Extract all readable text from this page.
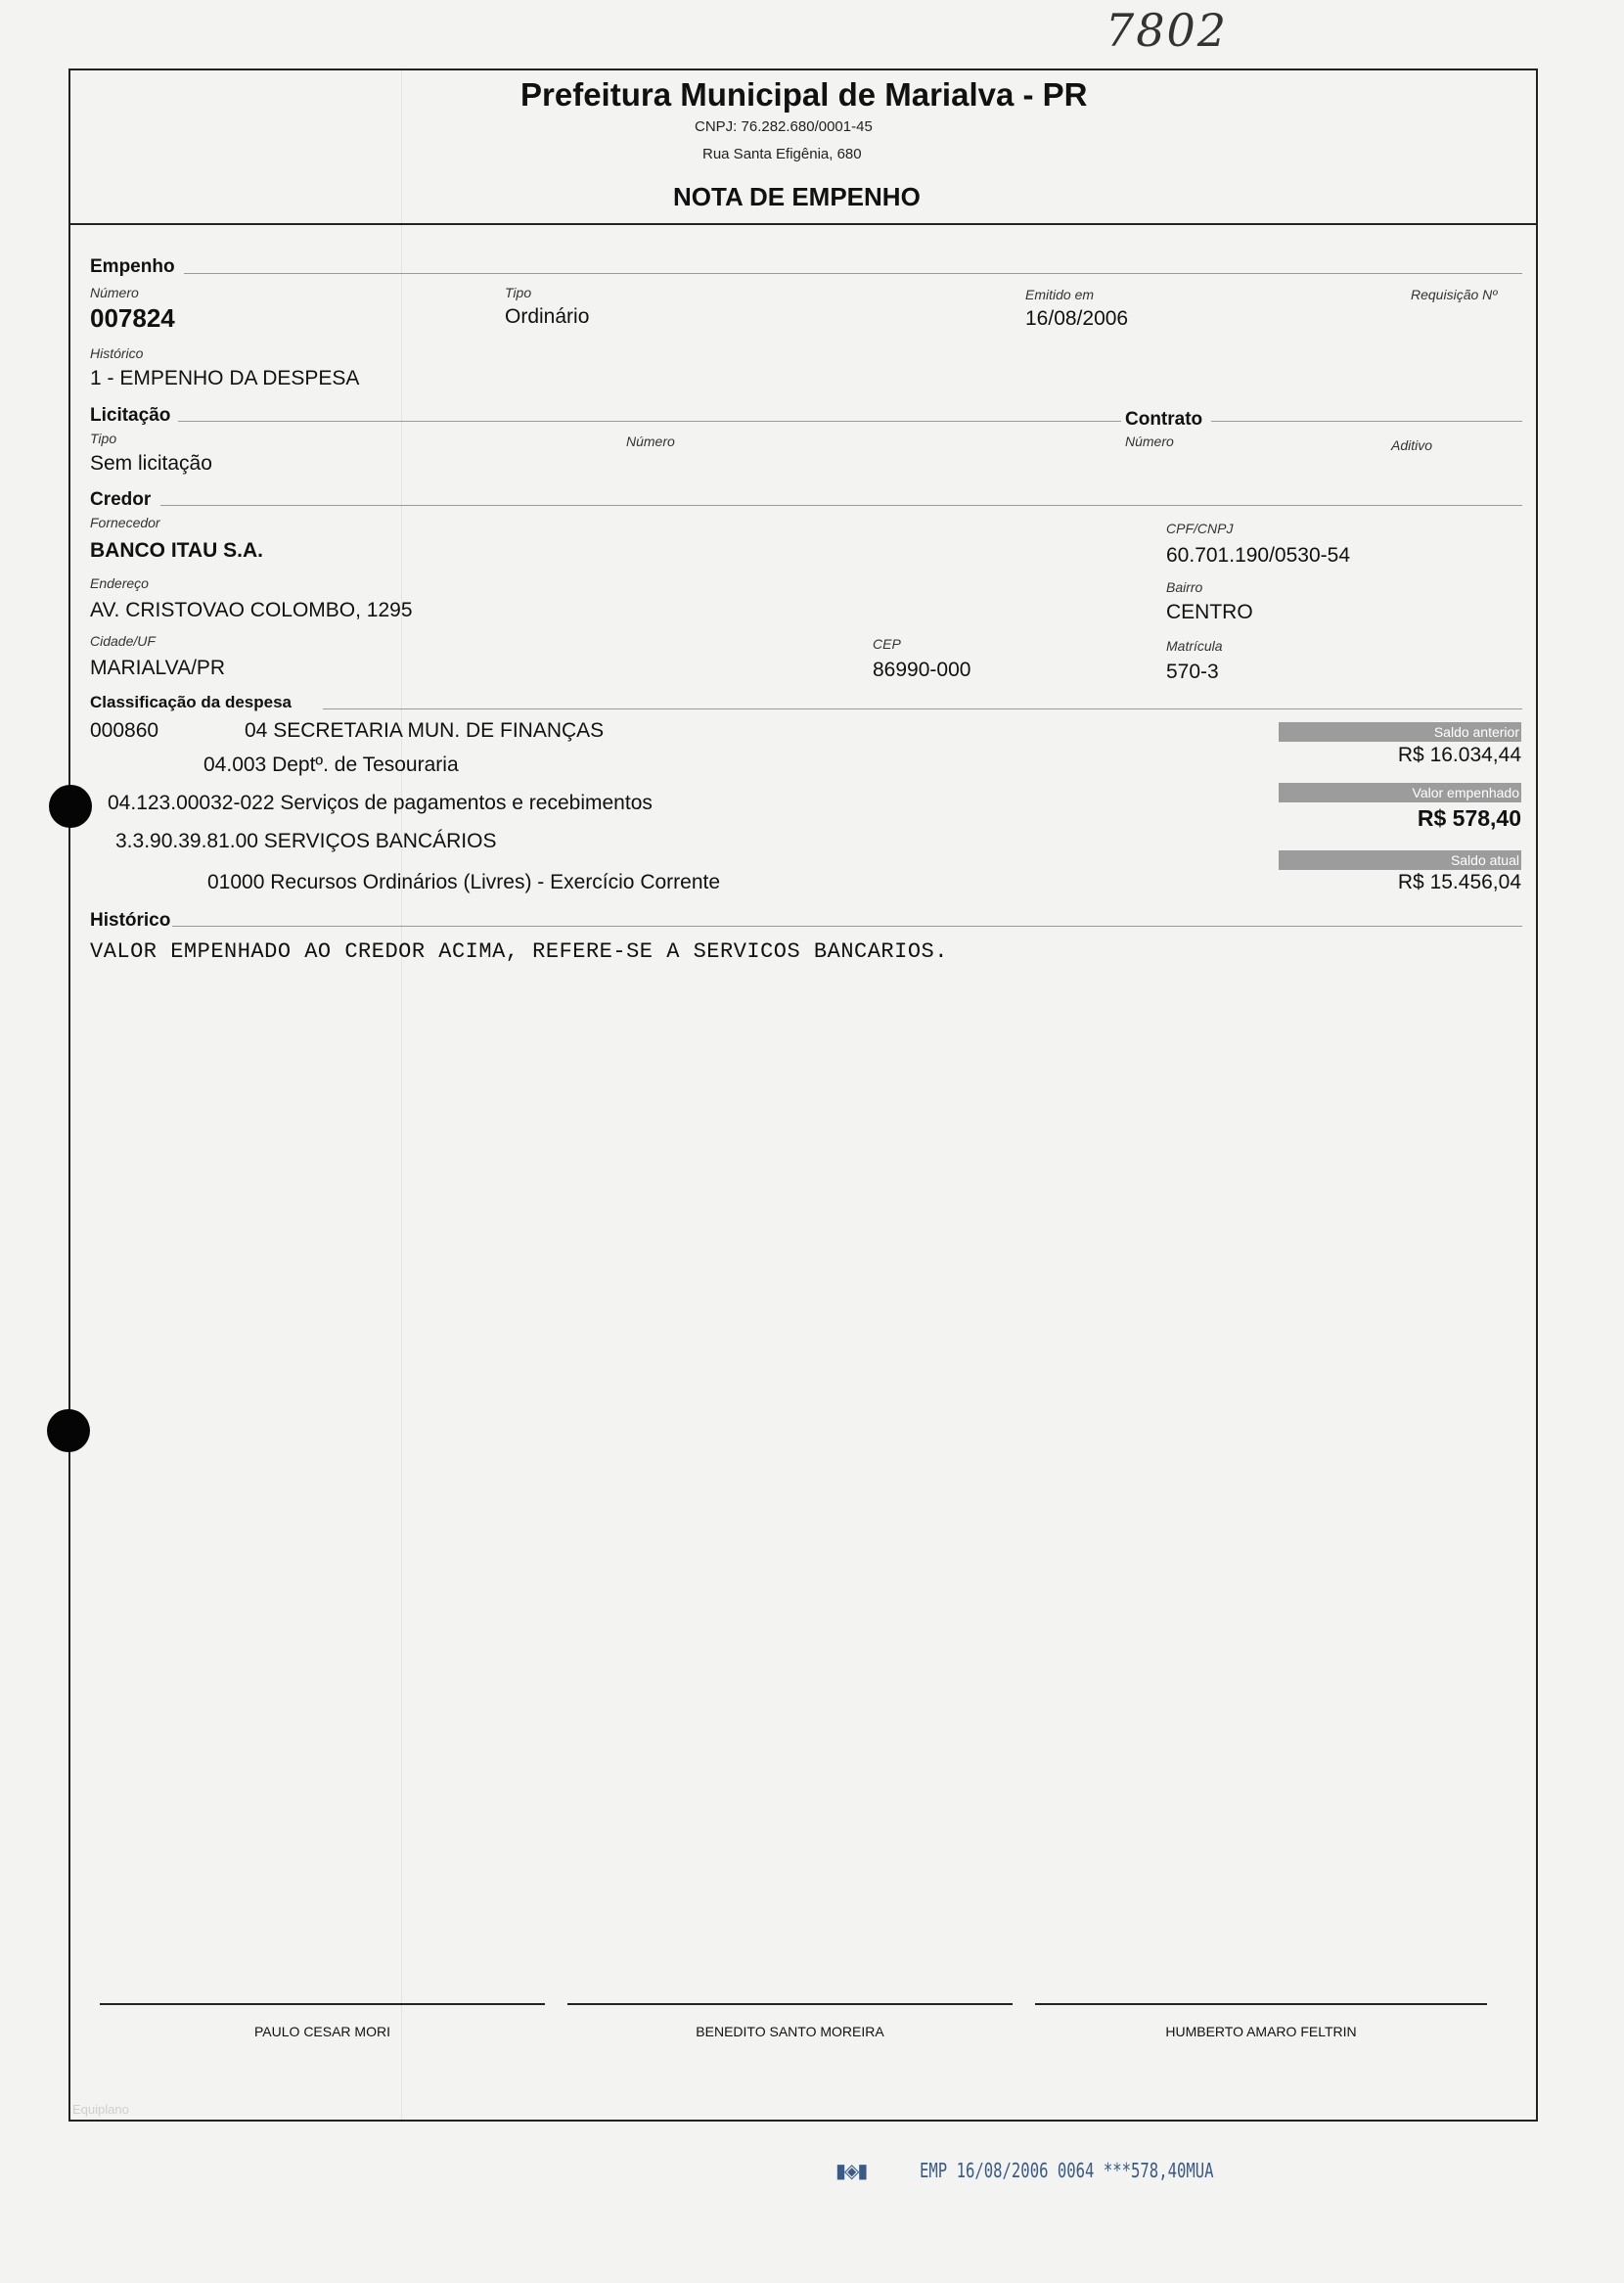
7802
Prefeitura Municipal de Marialva - PR
CNPJ: 76.282.680/0001-45
Rua Santa Efigênia, 680
NOTA DE EMPENHO
Empenho
Número
007824
Tipo
Ordinário
Emitido em
16/08/2006
Requisição Nº
Histórico
1 - EMPENHO DA DESPESA
Licitação	Contrato
Tipo
Sem licitação
Número	Número	Aditivo
Credor
Fornecedor
BANCO ITAU S.A.
CPF/CNPJ
60.701.190/0530-54
Endereço
AV. CRISTOVAO COLOMBO, 1295
Bairro
CENTRO
Cidade/UF
MARIALVA/PR
CEP
86990-000
Matrícula
570-3
Classificação da despesa
000860	04 SECRETARIA MUN. DE FINANÇAS
04.003 Deptº. de Tesouraria
04.123.00032-022 Serviços de pagamentos e recebimentos
3.3.90.39.81.00 SERVIÇOS BANCÁRIOS
01000 Recursos Ordinários (Livres) - Exercício Corrente
Saldo anterior
R$ 16.034,44
Valor empenhado
R$ 578,40
Saldo atual
R$ 15.456,04
Histórico
VALOR EMPENHADO AO CREDOR ACIMA, REFERE-SE A SERVICOS BANCARIOS.
PAULO CESAR MORI	BENEDITO SANTO MOREIRA	HUMBERTO AMARO FELTRIN
Equiplano
▮◈▮	EMP 16/08/2006 0064 ***578,40MUA
